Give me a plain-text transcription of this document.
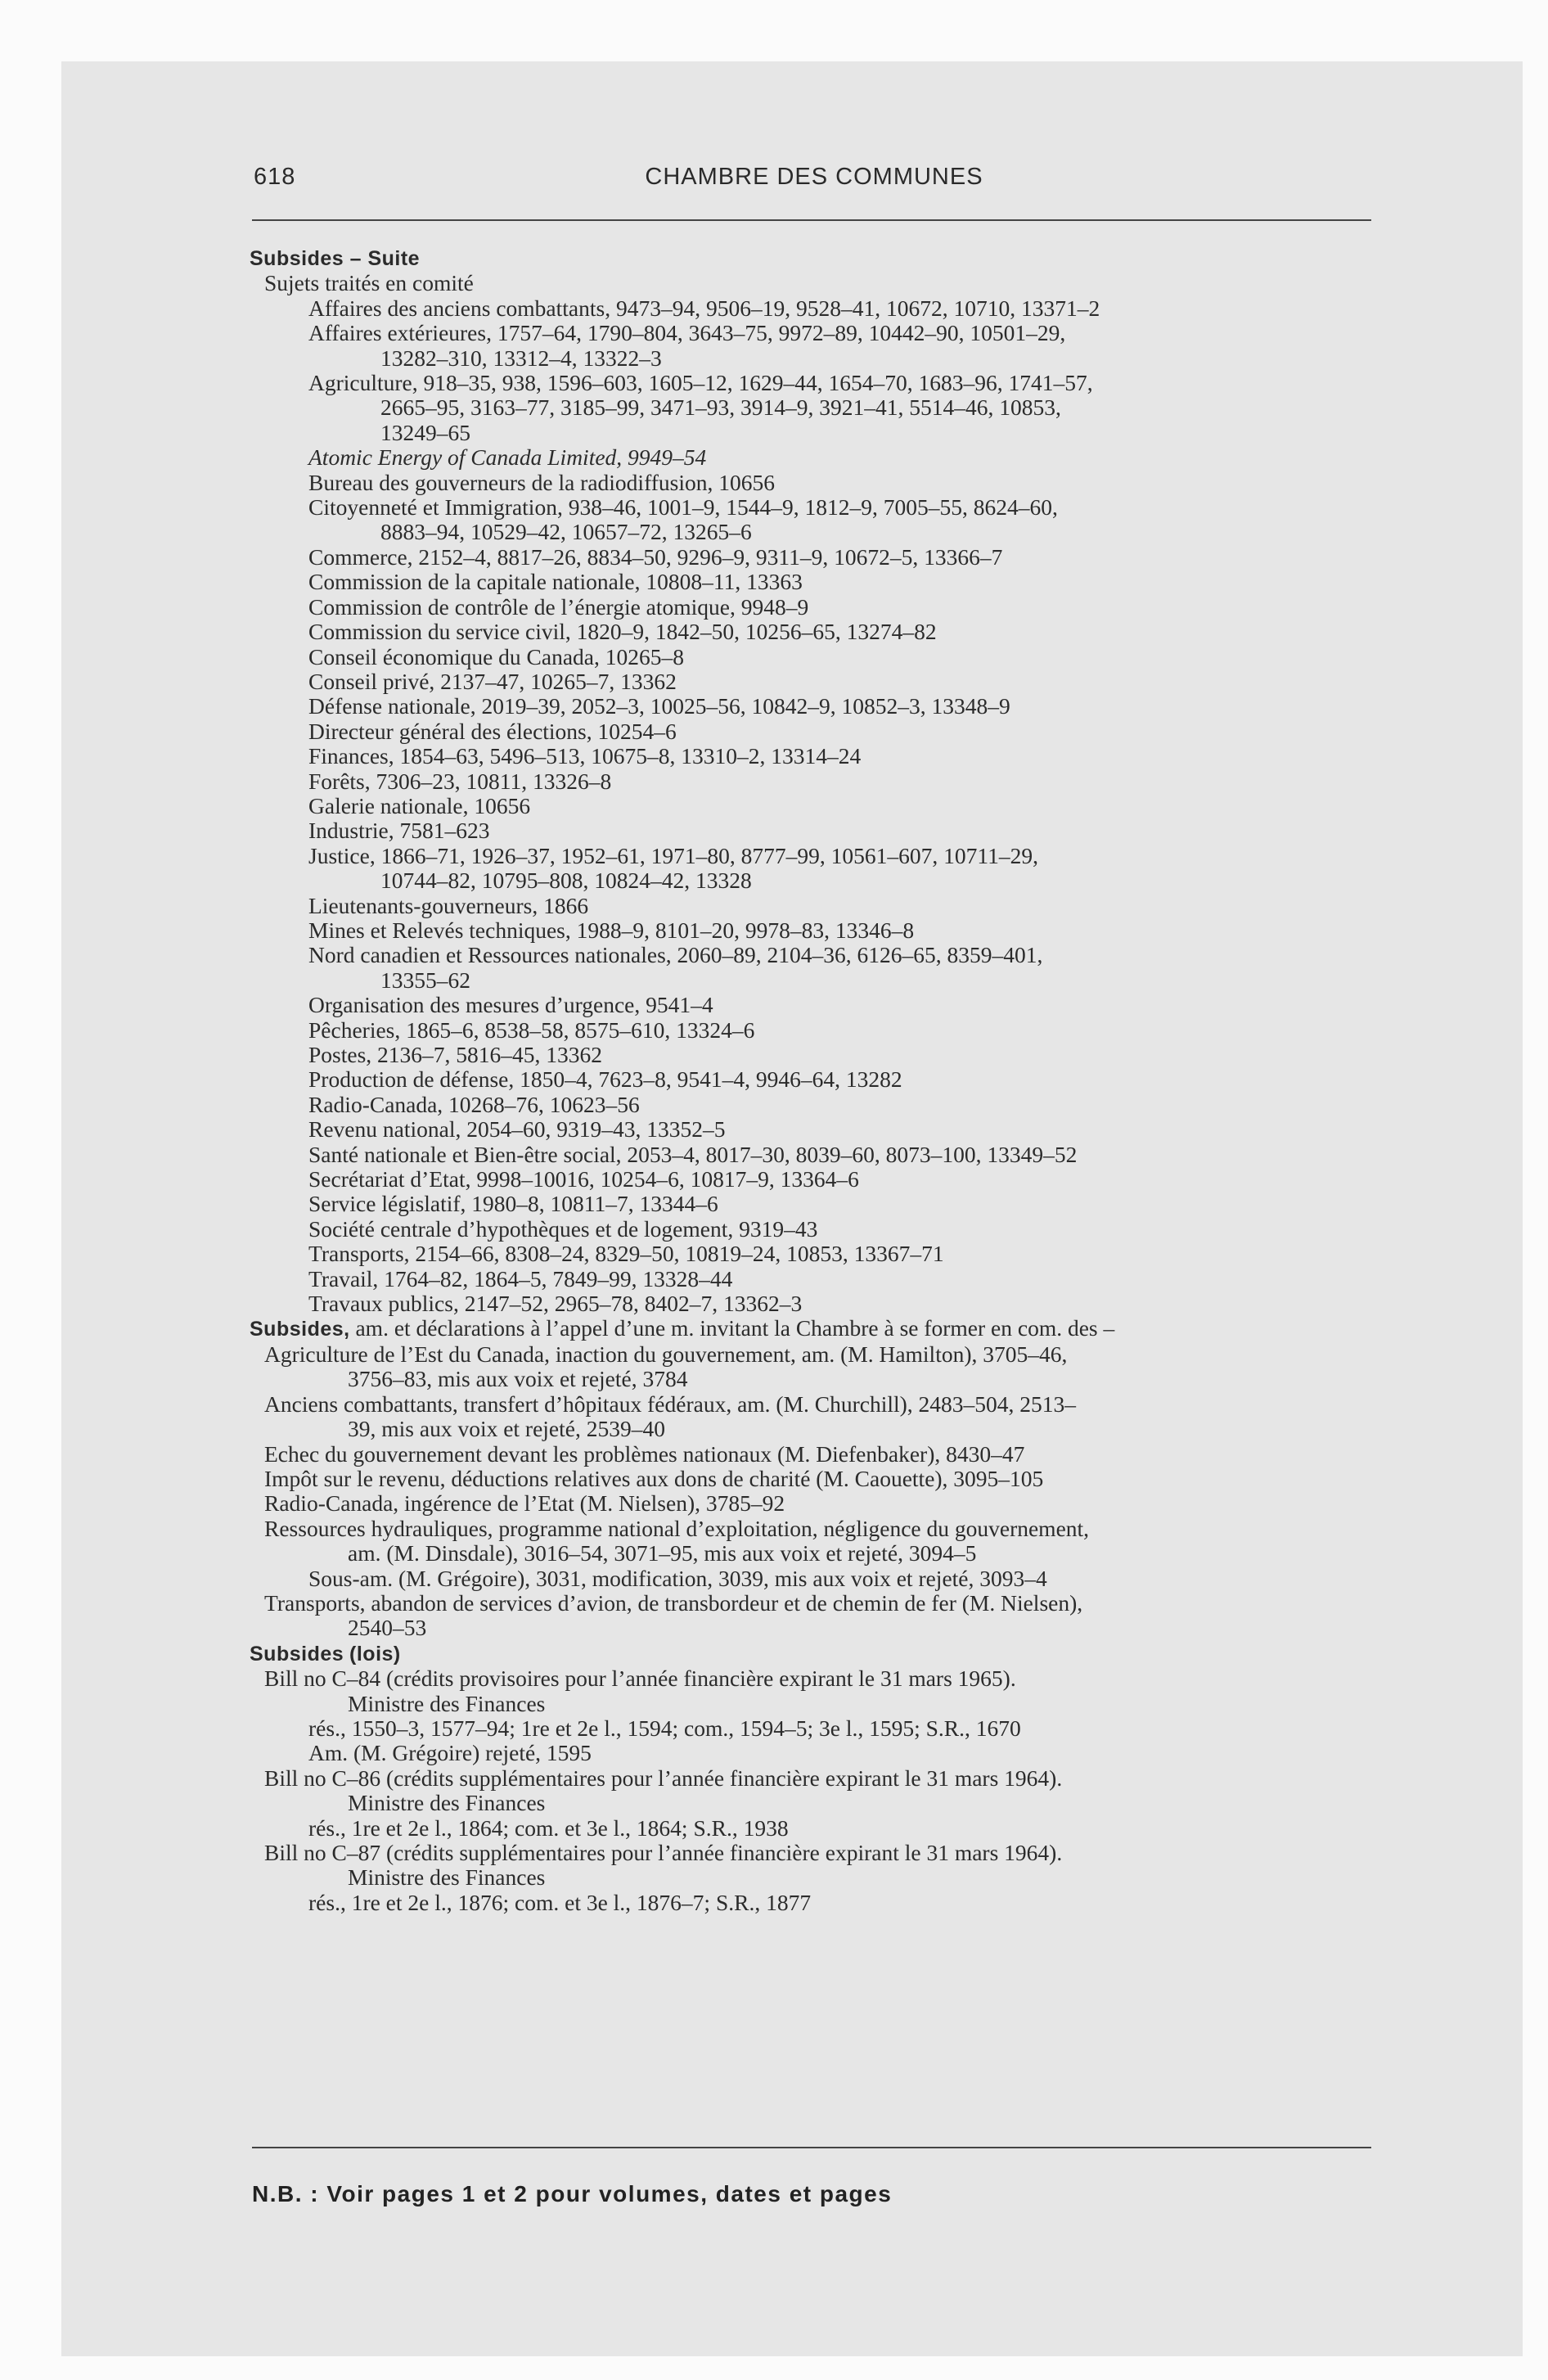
618	CHAMBRE DES COMMUNES
Subsides – Suite
Sujets traités en comité
Affaires des anciens combattants, 9473–94, 9506–19, 9528–41, 10672, 10710, 13371–2
Affaires extérieures, 1757–64, 1790–804, 3643–75, 9972–89, 10442–90, 10501–29,
13282–310, 13312–4, 13322–3
Agriculture, 918–35, 938, 1596–603, 1605–12, 1629–44, 1654–70, 1683–96, 1741–57,
2665–95, 3163–77, 3185–99, 3471–93, 3914–9, 3921–41, 5514–46, 10853,
13249–65
Atomic Energy of Canada Limited, 9949–54
Bureau des gouverneurs de la radiodiffusion, 10656
Citoyenneté et Immigration, 938–46, 1001–9, 1544–9, 1812–9, 7005–55, 8624–60,
8883–94, 10529–42, 10657–72, 13265–6
Commerce, 2152–4, 8817–26, 8834–50, 9296–9, 9311–9, 10672–5, 13366–7
Commission de la capitale nationale, 10808–11, 13363
Commission de contrôle de l’énergie atomique, 9948–9
Commission du service civil, 1820–9, 1842–50, 10256–65, 13274–82
Conseil économique du Canada, 10265–8
Conseil privé, 2137–47, 10265–7, 13362
Défense nationale, 2019–39, 2052–3, 10025–56, 10842–9, 10852–3, 13348–9
Directeur général des élections, 10254–6
Finances, 1854–63, 5496–513, 10675–8, 13310–2, 13314–24
Forêts, 7306–23, 10811, 13326–8
Galerie nationale, 10656
Industrie, 7581–623
Justice, 1866–71, 1926–37, 1952–61, 1971–80, 8777–99, 10561–607, 10711–29,
10744–82, 10795–808, 10824–42, 13328
Lieutenants-gouverneurs, 1866
Mines et Relevés techniques, 1988–9, 8101–20, 9978–83, 13346–8
Nord canadien et Ressources nationales, 2060–89, 2104–36, 6126–65, 8359–401,
13355–62
Organisation des mesures d’urgence, 9541–4
Pêcheries, 1865–6, 8538–58, 8575–610, 13324–6
Postes, 2136–7, 5816–45, 13362
Production de défense, 1850–4, 7623–8, 9541–4, 9946–64, 13282
Radio-Canada, 10268–76, 10623–56
Revenu national, 2054–60, 9319–43, 13352–5
Santé nationale et Bien-être social, 2053–4, 8017–30, 8039–60, 8073–100, 13349–52
Secrétariat d’Etat, 9998–10016, 10254–6, 10817–9, 13364–6
Service législatif, 1980–8, 10811–7, 13344–6
Société centrale d’hypothèques et de logement, 9319–43
Transports, 2154–66, 8308–24, 8329–50, 10819–24, 10853, 13367–71
Travail, 1764–82, 1864–5, 7849–99, 13328–44
Travaux publics, 2147–52, 2965–78, 8402–7, 13362–3
Subsides, am. et déclarations à l’appel d’une m. invitant la Chambre à se former en com. des –
Agriculture de l’Est du Canada, inaction du gouvernement, am. (M. Hamilton), 3705–46,
3756–83, mis aux voix et rejeté, 3784
Anciens combattants, transfert d’hôpitaux fédéraux, am. (M. Churchill), 2483–504, 2513–
39, mis aux voix et rejeté, 2539–40
Echec du gouvernement devant les problèmes nationaux (M. Diefenbaker), 8430–47
Impôt sur le revenu, déductions relatives aux dons de charité (M. Caouette), 3095–105
Radio-Canada, ingérence de l’Etat (M. Nielsen), 3785–92
Ressources hydrauliques, programme national d’exploitation, négligence du gouvernement,
am. (M. Dinsdale), 3016–54, 3071–95, mis aux voix et rejeté, 3094–5
Sous-am. (M. Grégoire), 3031, modification, 3039, mis aux voix et rejeté, 3093–4
Transports, abandon de services d’avion, de transbordeur et de chemin de fer (M. Nielsen),
2540–53
Subsides (lois)
Bill no C–84 (crédits provisoires pour l’année financière expirant le 31 mars 1965).
Ministre des Finances
rés., 1550–3, 1577–94; 1re et 2e l., 1594; com., 1594–5; 3e l., 1595; S.R., 1670
Am. (M. Grégoire) rejeté, 1595
Bill no C–86 (crédits supplémentaires pour l’année financière expirant le 31 mars 1964).
Ministre des Finances
rés., 1re et 2e l., 1864; com. et 3e l., 1864; S.R., 1938
Bill no C–87 (crédits supplémentaires pour l’année financière expirant le 31 mars 1964).
Ministre des Finances
rés., 1re et 2e l., 1876; com. et 3e l., 1876–7; S.R., 1877
N.B. : Voir pages 1 et 2 pour volumes, dates et pages
